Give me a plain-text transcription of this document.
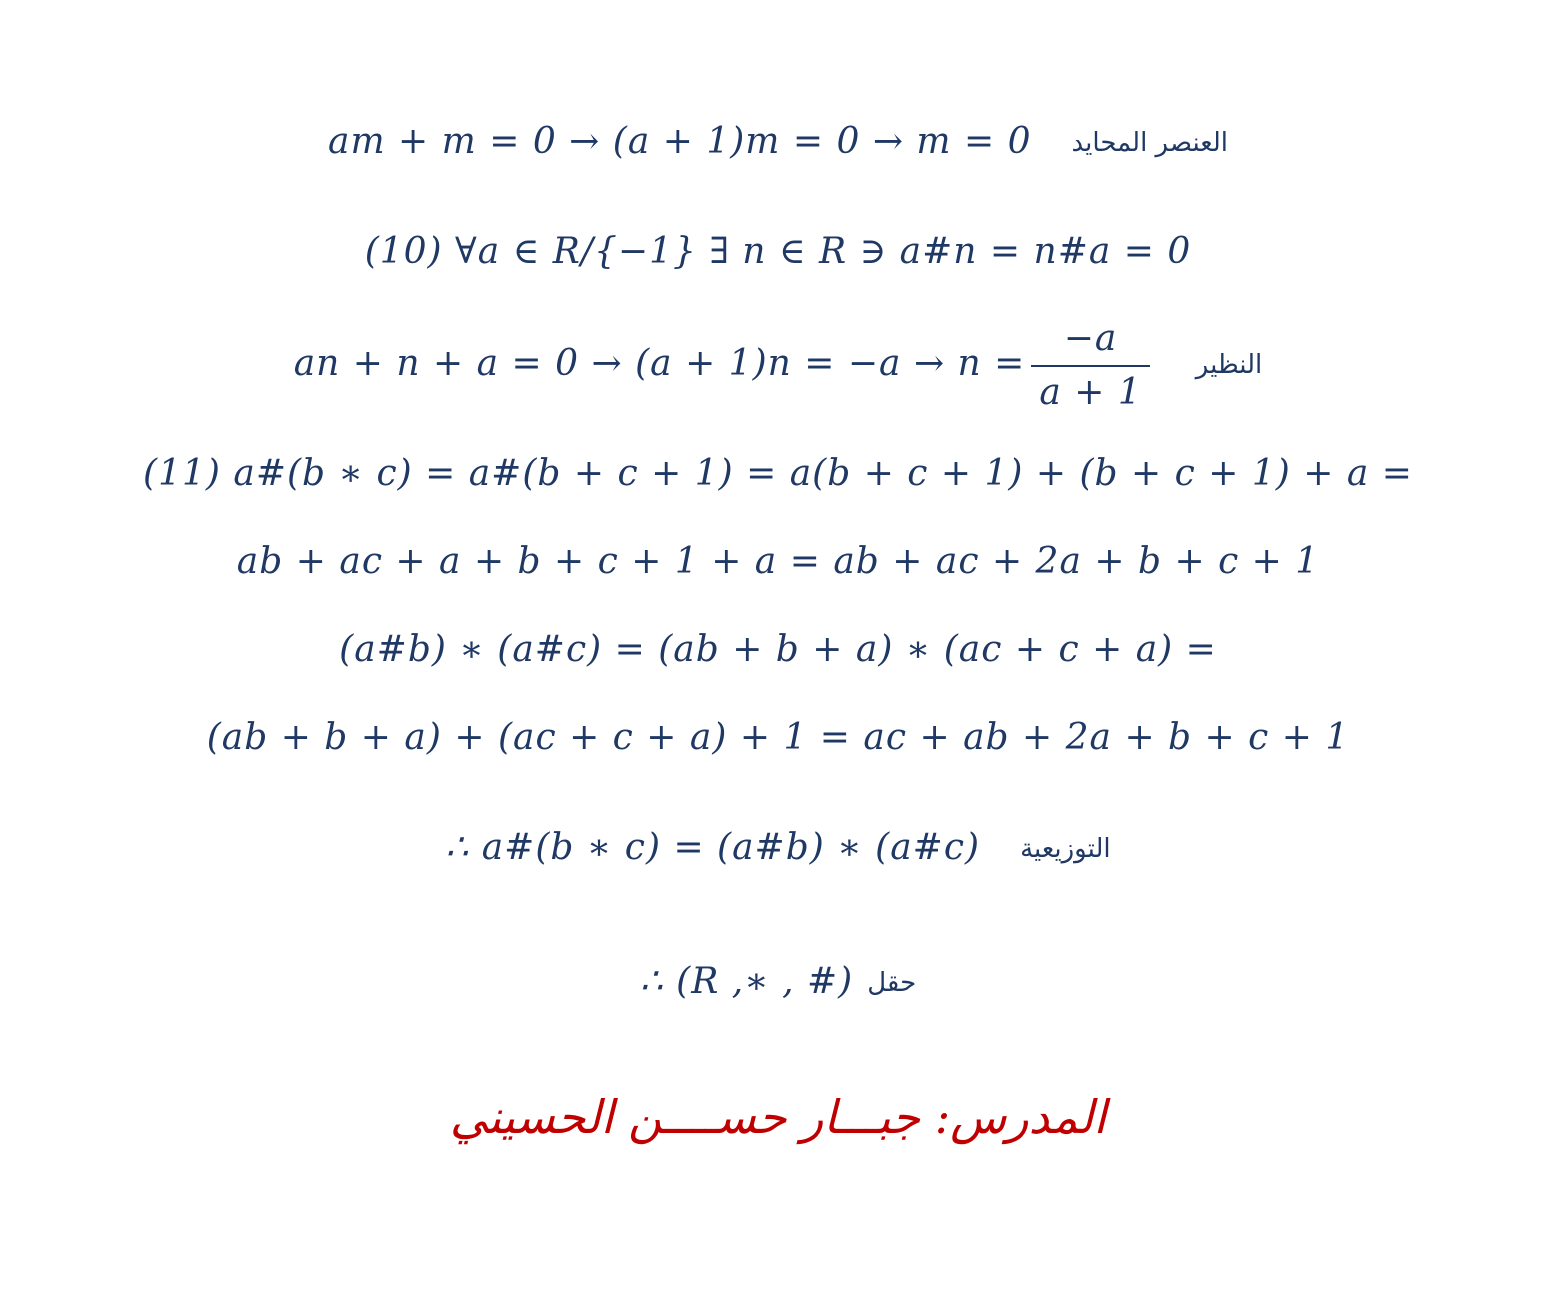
am + m = 0 → (a + 1)m = 0 → m = 0 العنصر المحايد
(10) ∀a ∈ R/{−1} ∃ n ∈ R ∋ a#n = n#a = 0
an + $n + a = 0 \to (a + 1)n = -a \to n = \frac{-a}{a + 1}$ النظير
(11) a#(b ∗ c) = a#(b + c + 1) = a(b + c + 1) + (b + c + 1) + a =
ab + ac + a + b + c + 1 + a = ab + ac + 2a + b + c + 1
(a#b) ∗ (a#c) = (ab + b + a) ∗ (ac + c + a) =
(ab + b + a) + (ac + c + a) + 1 = ac + ab + 2a + b + c + 1
∴ a#(b ∗ c) = (a#b) ∗ (a#c) التوزيعية
∴ (R ,∗ , #) حقل
المدرس: جبـــار حســــن الحسيني
